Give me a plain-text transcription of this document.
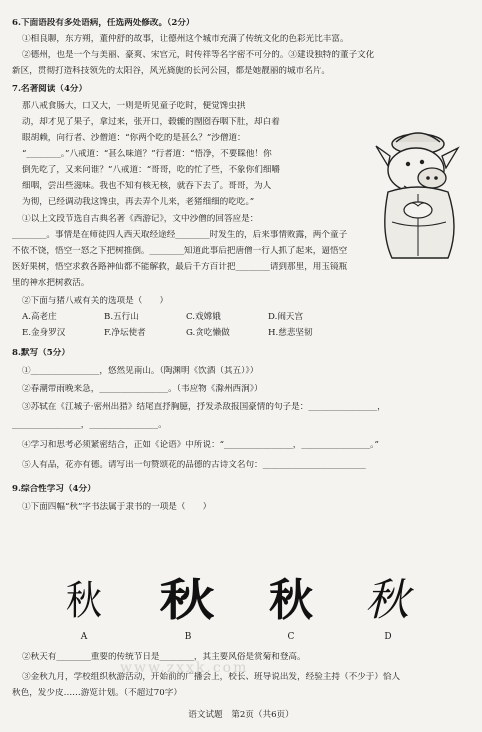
6.下面语段有多处语病，任选两处修改。（2分）
①相良聊，东方朔，董仲舒的故事，让德州这个城市充满了传统文化的色彩光比丰富。
②德州，也是一个与美丽、豪爽、宋官元，时传祥等名字密不可分的。③建设独特的董子文化
新区，贯彻打造科技领先的太阳谷，风光旖旎的长河公园，都是她靓丽的城市名片。
7.名著阅读（4分）
那八戒食肠大，口又大，一则是听见童子吃时，便觉馋虫拱
动，却才见了果子，拿过来，张开口，毂辘的囫囵吞咽下肚，却白着
眼胡赖，向行者、沙僧道：“你两个吃的是甚么？”沙僧道：
“________。”八戒道：“甚么味道？”行者道：“悟净，不要睬他！你
倒先吃了，又来问谁？”八戒道：“哥哥，吃的忙了些，不象你们细嚼
细咽，尝出些滋味。我也不知有核无核，就吞下去了。哥哥，为人
为彻，已经调动我这馋虫，再去弄个儿来，老猪细细的吃吃。”
①以上文段节选自古典名著《西游记》，文中沙僧的回答应是：
________。事情是在师徒四人西天取经途经________时发生的，后来事情败露，两个童子
不依不饶，悟空一怒之下把树推倒。________知道此事后把唐僧一行人抓了起来，逼悟空
医好果树，悟空求救各路神仙都不能解救，最后千方百计把________请到那里，用玉镜瓶
里的神水把树救活。
②下面与猪八戒有关的选项是（　　）
A.高老庄	B.五行山	C.戏嫦娥	D.闹天宫
E.金身罗汉	F.净坛使者	G.贪吃懒做	H.慈悲坚韧
8.默写（5分）
①________________，悠然见南山。（陶渊明《饮酒（其五）》）
②春潮带雨晚来急，________________。（韦应物《滁州西涧》）
③苏轼在《江城子·密州出猎》结尾直抒胸臆，抒发杀敌报国豪情的句子是：________________，
________________，________________。
④学习和思考必须紧密结合，正如《论语》中所说：“________________，________________。”
⑤人有品，花亦有德。请写出一句赞颂花的品德的古诗文名句：________________________
9.综合性学习（4分）
①下面四幅“秋”字书法属于隶书的一项是（　　）
秋	秋	秋 秋
A	B	C	D
②秋天有________重要的传统节日是________，其主要风俗是赏菊和登高。
③金秋九月，学校组织秋游活动，开始前的广播会上，校长、班导说出发，经验主持（不少于）恰人
秋色，发少皮……游览计划。（不超过70字）
www.zxxk.com
语文试题　第2页（共6页）
